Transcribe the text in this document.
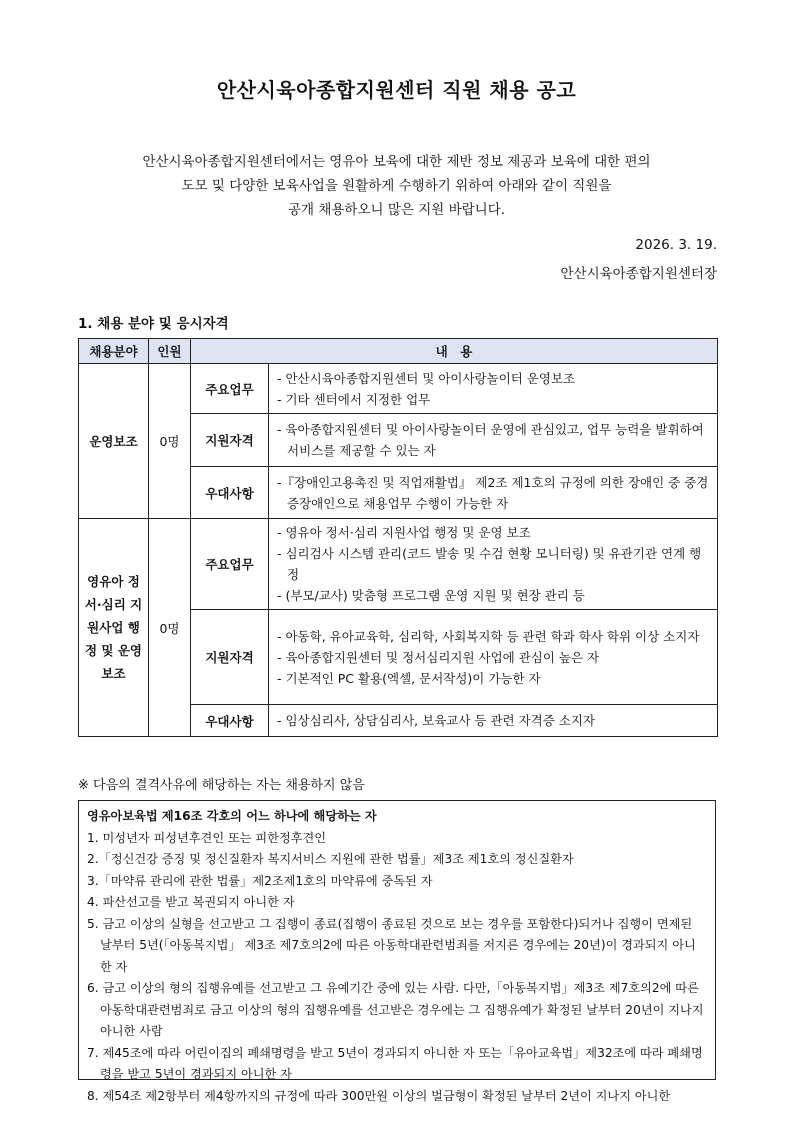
안산시육아종합지원센터 직원 채용 공고
안산시육아종합지원센터에서는 영유아 보육에 대한 제반 정보 제공과 보육에 대한 편의
도모 및 다양한 보육사업을 원활하게 수행하기 위하여 아래와 같이 직원을
공개 채용하오니 많은 지원 바랍니다.
2026. 3. 19.
안산시육아종합지원센터장
1. 채용 분야 및 응시자격
채용분야	인원	내　용	
운영보조	0명	주요업무	- 안산시육아종합지원센터 및 아이사랑놀이터 운영보조
- 기타 센터에서 지정한 업무

		지원자격	- 육아종합지원센터 및 아이사랑놀이터 운영에 관심있고, 업무 능력을 발휘하여 서비스를 제공할 수 있는 자

		우대사항	-『장애인고용촉진 및 직업재활법』 제2조 제1호의 규정에 의한 장애인 중 중경증장애인으로 채용업무 수행이 가능한 자

영유아 정서·심리 지원사업 행정 및 운영 보조	0명	주요업무	- 영유아 정서·심리 지원사업 행정 및 운영 보조
- 심리검사 시스템 관리(코드 발송 및 수검 현황 모니터링) 및 유관기관 연계 행정
- (부모/교사) 맞춤형 프로그램 운영 지원 및 현장 관리 등

		지원자격	- 아동학, 유아교육학, 심리학, 사회복지학 등 관련 학과 학사 학위 이상 소지자
- 육아종합지원센터 및 정서심리지원 사업에 관심이 높은 자
- 기본적인 PC 활용(엑셀, 문서작성)이 가능한 자

		우대사항	- 임상심리사, 상담심리사, 보육교사 등 관련 자격증 소지자
※ 다음의 결격사유에 해당하는 자는 채용하지 않음
영유아보육법 제16조 각호의 어느 하나에 해당하는 자
1. 미성년자 피성년후견인 또는 피한정후견인
2.「정신건강 증징 및 정신질환자 복지서비스 지원에 관한 법률」제3조 제1호의 정신질환자
3.「마약류 관리에 관한 법률」제2조제1호의 마약류에 중독된 자
4. 파산선고를 받고 복권되지 아니한 자
5. 금고 이상의 실형을 선고받고 그 집행이 종료(집행이 종료된 것으로 보는 경우를 포함한다)되거나 집행이 면제된 날부터 5년(「아동복지법」 제3조 제7호의2에 따른 아동학대관련범죄를 저지른 경우에는 20년)이 경과되지 아니한 자
6. 금고 이상의 형의 집행유예를 선고받고 그 유예기간 중에 있는 사람. 다만,「아동복지법」제3조 제7호의2에 따른 아동학대관련범죄로 금고 이상의 형의 집행유예를 선고받은 경우에는 그 집행유예가 확정된 날부터 20년이 지나지 아니한 사람
7. 제45조에 따라 어린이집의 폐쇄명령을 받고 5년이 경과되지 아니한 자 또는「유아교육법」제32조에 따라 폐쇄명령을 받고 5년이 경과되지 아니한 자
8. 제54조 제2항부터 제4항까지의 규정에 따라 300만원 이상의 벌금형이 확정된 날부터 2년이 지나지 아니한
